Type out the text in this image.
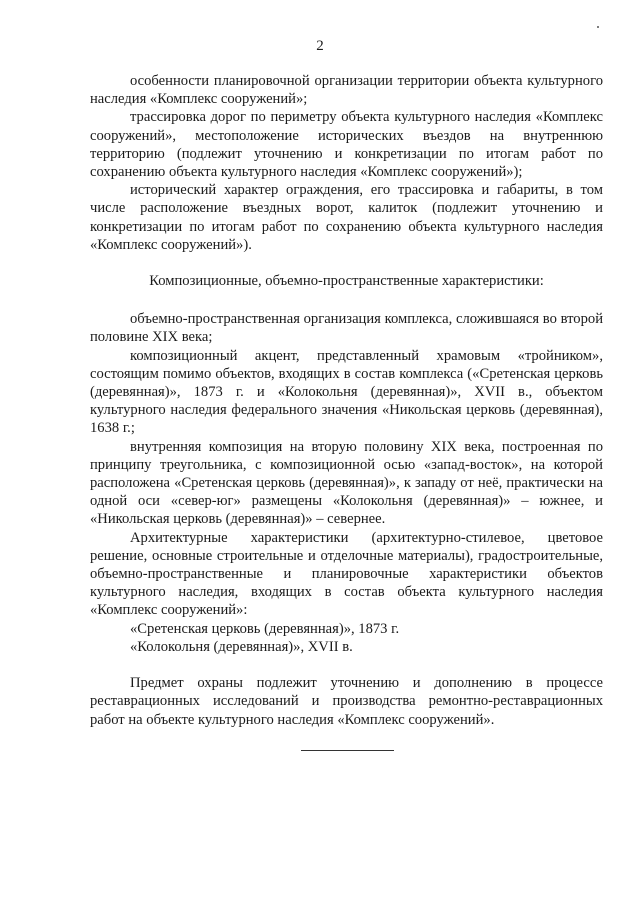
2

особенности планировочной организации территории объекта культурного наследия «Комплекс сооружений»;

трассировка дорог по периметру объекта культурного наследия «Комплекс сооружений», местоположение исторических въездов на внутреннюю территорию (подлежит уточнению и конкретизации по итогам работ по сохранению объекта культурного наследия «Комплекс сооружений»);

исторический характер ограждения, его трассировка и габариты, в том числе расположение въездных ворот, калиток (подлежит уточнению и конкретизации по итогам работ по сохранению объекта культурного наследия «Комплекс сооружений»).

Композиционные, объемно-пространственные характеристики:

объемно-пространственная организация комплекса, сложившаяся во второй половине XIX века;

композиционный акцент, представленный храмовым «тройником», состоящим помимо объектов, входящих в состав комплекса («Сретенская церковь (деревянная)», 1873 г. и «Колокольня (деревянная)», XVII в., объектом культурного наследия федерального значения «Никольская церковь (деревянная), 1638 г.;

внутренняя композиция на вторую половину XIX века, построенная по принципу треугольника, с композиционной осью «запад-восток», на которой расположена «Сретенская церковь (деревянная)», к западу от неё, практически на одной оси «север-юг» размещены «Колокольня (деревянная)» – южнее, и «Никольская церковь (деревянная)» – севернее.

Архитектурные характеристики (архитектурно-стилевое, цветовое решение, основные строительные и отделочные материалы), градостроительные, объемно-пространственные и планировочные характеристики объектов культурного наследия, входящих в состав объекта культурного наследия «Комплекс сооружений»:

«Сретенская церковь (деревянная)», 1873 г.

«Колокольня (деревянная)», XVII в.

Предмет охраны подлежит уточнению и дополнению в процессе реставрационных исследований и производства ремонтно-реставрационных работ на объекте культурного наследия «Комплекс сооружений».
